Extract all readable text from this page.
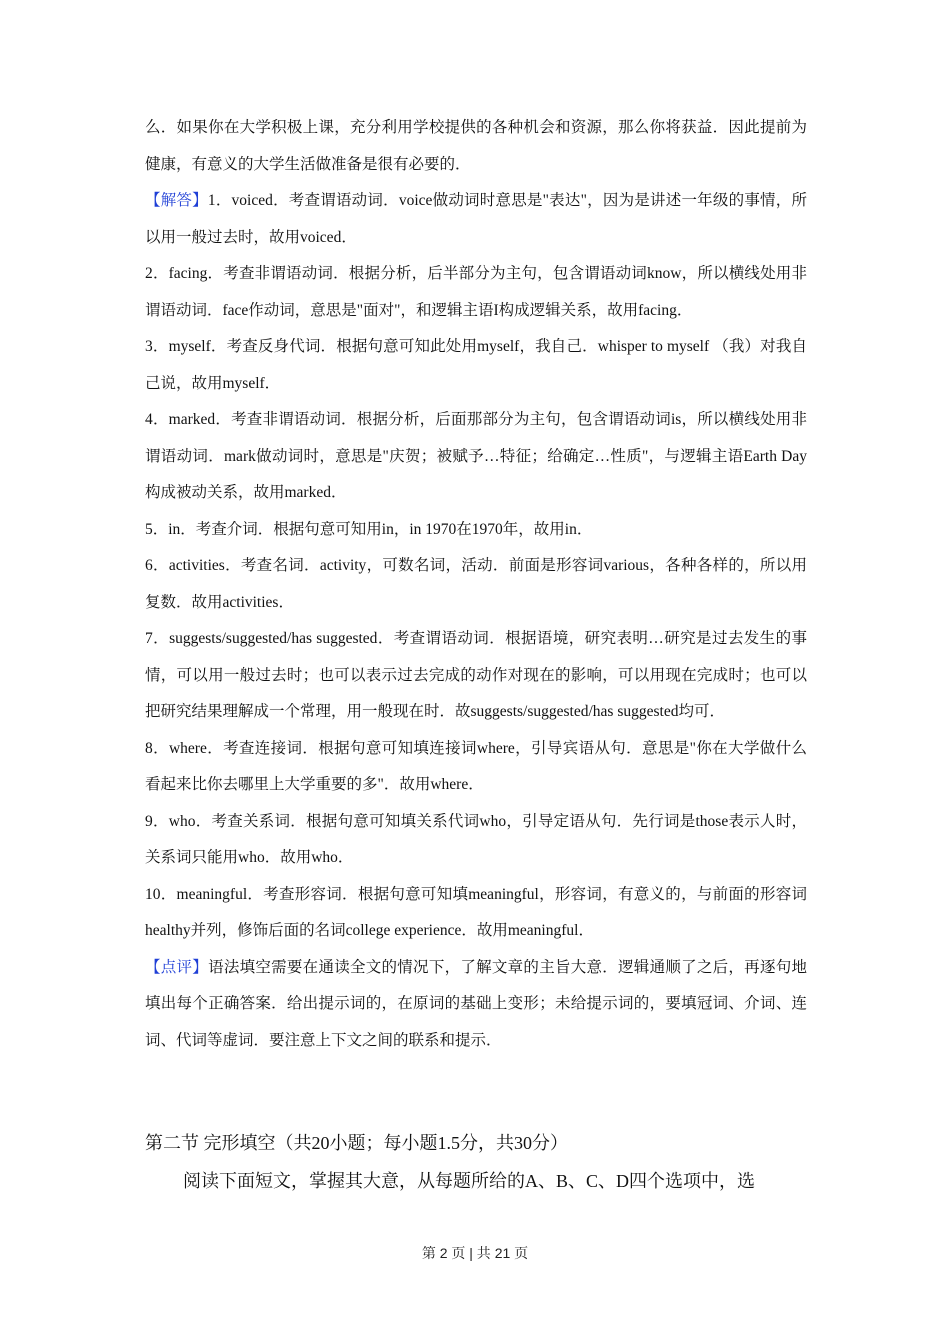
么．如果你在大学积极上课，充分利用学校提供的各种机会和资源，那么你将获益．因此提前为健康，有意义的大学生活做准备是很有必要的．

【解答】1．voiced．考查谓语动词．voice做动词时意思是"表达"，因为是讲述一年级的事情，所以用一般过去时，故用voiced．

2．facing．考查非谓语动词．根据分析，后半部分为主句，包含谓语动词know，所以横线处用非谓语动词．face作动词，意思是"面对"，和逻辑主语I构成逻辑关系，故用facing．

3．myself．考查反身代词．根据句意可知此处用myself，我自己．whisper to myself （我）对我自己说，故用myself．

4．marked．考查非谓语动词．根据分析，后面那部分为主句，包含谓语动词is，所以横线处用非谓语动词．mark做动词时，意思是"庆贺；被赋予…特征；给确定…性质"，与逻辑主语Earth Day构成被动关系，故用marked．

5．in．考查介词．根据句意可知用in，in 1970在1970年，故用in．

6．activities．考查名词．activity，可数名词，活动．前面是形容词various，各种各样的，所以用复数．故用activities．

7．suggests/suggested/has suggested．考查谓语动词．根据语境，研究表明…研究是过去发生的事情，可以用一般过去时；也可以表示过去完成的动作对现在的影响，可以用现在完成时；也可以把研究结果理解成一个常理，用一般现在时．故suggests/suggested/has suggested均可．

8．where．考查连接词．根据句意可知填连接词where，引导宾语从句．意思是"你在大学做什么看起来比你去哪里上大学重要的多"．故用where．

9．who．考查关系词．根据句意可知填关系代词who，引导定语从句．先行词是those表示人时，关系词只能用who．故用who．

10．meaningful．考查形容词．根据句意可知填meaningful，形容词，有意义的，与前面的形容词healthy并列，修饰后面的名词college experience．故用meaningful．

【点评】语法填空需要在通读全文的情况下，了解文章的主旨大意．逻辑通顺了之后，再逐句地填出每个正确答案．给出提示词的，在原词的基础上变形；未给提示词的，要填冠词、介词、连词、代词等虚词．要注意上下文之间的联系和提示．

第二节 完形填空（共20小题；每小题1.5分，共30分）
阅读下面短文，掌握其大意，从每题所给的A、B、C、D四个选项中，选
第 2 页 | 共 21 页
